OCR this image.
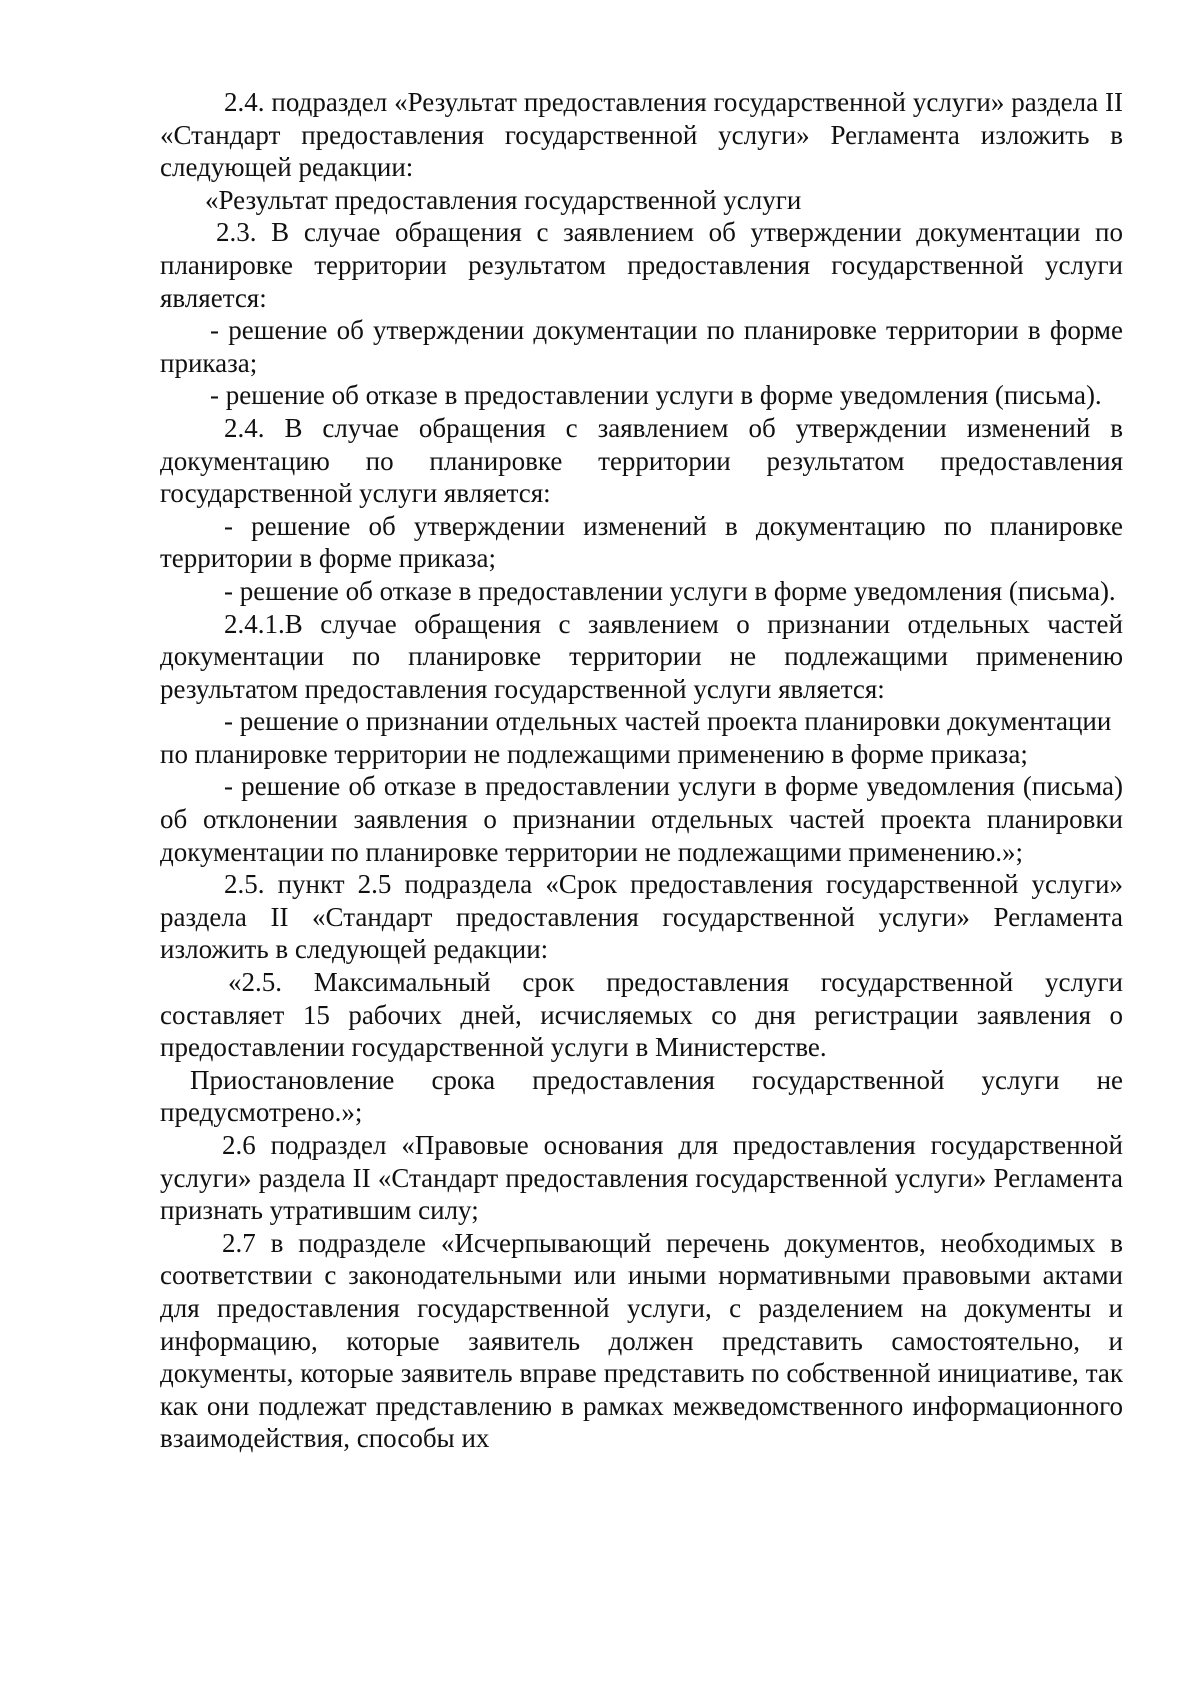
2.4. подраздел «Результат предоставления государственной услуги» раздела II «Стандарт предоставления государственной услуги» Регламента изложить в следующей редакции:

«Результат предоставления государственной услуги

2.3. В случае обращения с заявлением об утверждении документации по планировке территории результатом предоставления государственной услуги является:

- решение об утверждении документации по планировке территории в форме приказа;

- решение об отказе в предоставлении услуги в форме уведомления (письма).

2.4. В случае обращения с заявлением об утверждении изменений в документацию по планировке территории результатом предоставления государственной услуги является:

- решение об утверждении изменений в документацию по планировке территории в форме приказа;

- решение об отказе в предоставлении услуги в форме уведомления (письма).

2.4.1.В случае обращения с заявлением о признании отдельных частей документации по планировке территории не подлежащими применению результатом предоставления государственной услуги является:

- решение о признании отдельных частей проекта планировки документации

по планировке территории не подлежащими применению в форме приказа;

- решение об отказе в предоставлении услуги в форме уведомления (письма) об отклонении заявления о признании отдельных частей проекта планировки документации по планировке территории не подлежащими применению.»;

2.5. пункт 2.5 подраздела «Срок предоставления государственной услуги» раздела II «Стандарт предоставления государственной услуги» Регламента изложить в следующей редакции:

«2.5. Максимальный срок предоставления государственной услуги составляет 15 рабочих дней, исчисляемых со дня регистрации заявления о предоставлении государственной услуги в Министерстве.

Приостановление срока предоставления государственной услуги не предусмотрено.»;

2.6 подраздел «Правовые основания для предоставления государственной услуги» раздела II «Стандарт предоставления государственной услуги» Регламента признать утратившим силу;

2.7 в подразделе «Исчерпывающий перечень документов, необходимых в соответствии с законодательными или иными нормативными правовыми актами для предоставления государственной услуги, с разделением на документы и информацию, которые заявитель должен представить самостоятельно, и документы, которые заявитель вправе представить по собственной инициативе, так как они подлежат представлению в рамках межведомственного информационного взаимодействия, способы их
